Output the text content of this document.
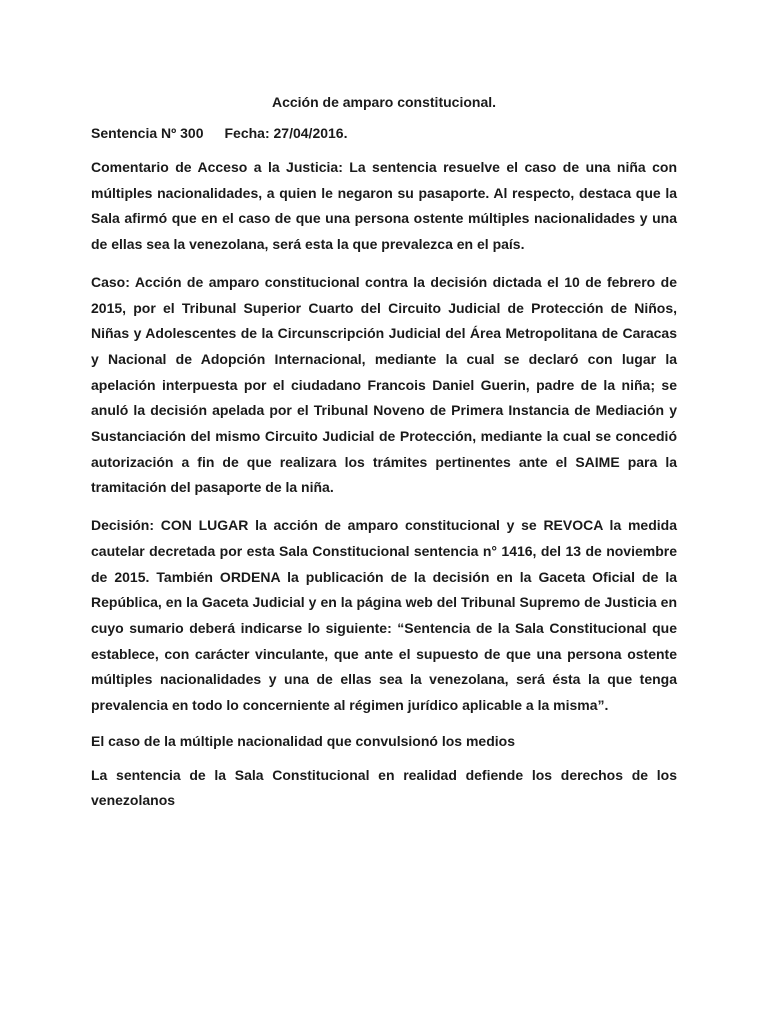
Acción de amparo constitucional.
Sentencia Nº 300 Fecha: 27/04/2016.

Comentario de Acceso a la Justicia: La sentencia resuelve el caso de una niña con múltiples nacionalidades, a quien le negaron su pasaporte. Al respecto, destaca que la Sala afirmó que en el caso de que una persona ostente múltiples nacionalidades y una de ellas sea la venezolana, será esta la que prevalezca en el país.

Caso: Acción de amparo constitucional contra la decisión dictada el 10 de febrero de 2015, por el Tribunal Superior Cuarto del Circuito Judicial de Protección de Niños, Niñas y Adolescentes de la Circunscripción Judicial del Área Metropolitana de Caracas y Nacional de Adopción Internacional, mediante la cual se declaró con lugar la apelación interpuesta por el ciudadano Francois Daniel Guerin, padre de la niña; se anuló la decisión apelada por el Tribunal Noveno de Primera Instancia de Mediación y Sustanciación del mismo Circuito Judicial de Protección, mediante la cual se concedió autorización a fin de que realizara los trámites pertinentes ante el SAIME para la tramitación del pasaporte de la niña.

Decisión: CON LUGAR la acción de amparo constitucional y se REVOCA la medida cautelar decretada por esta Sala Constitucional sentencia n° 1416, del 13 de noviembre de 2015. También ORDENA la publicación de la decisión en la Gaceta Oficial de la República, en la Gaceta Judicial y en la página web del Tribunal Supremo de Justicia en cuyo sumario deberá indicarse lo siguiente: “Sentencia de la Sala Constitucional que establece, con carácter vinculante, que ante el supuesto de que una persona ostente múltiples nacionalidades y una de ellas sea la venezolana, será ésta la que tenga prevalencia en todo lo concerniente al régimen jurídico aplicable a la misma”.

El caso de la múltiple nacionalidad que convulsionó los medios

La sentencia de la Sala Constitucional en realidad defiende los derechos de los venezolanos
